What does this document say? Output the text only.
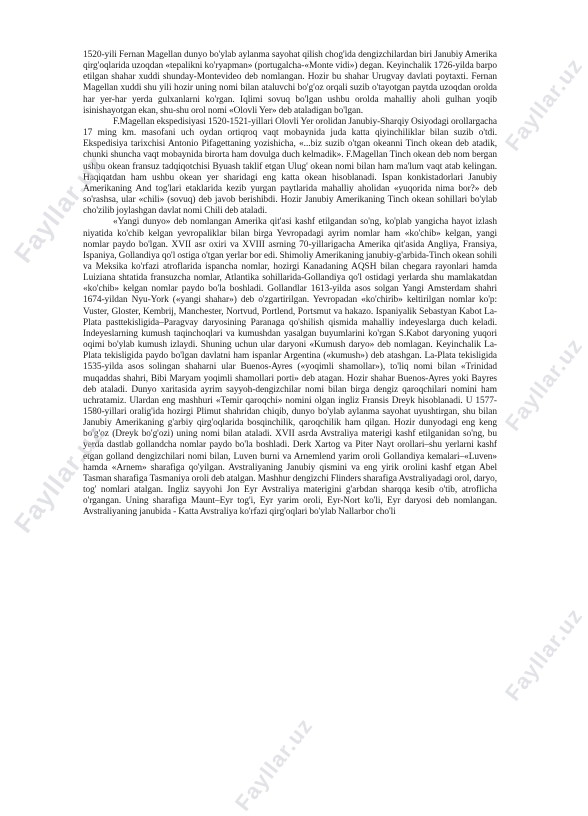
1520-yili Fernan Magellan dunyo bo'ylab aylanma sayohat qilish chog'ida dengizchilardan biri Janubiy Amerika qirg'oqlarida uzoqdan «tepalikni ko'ryapman» (portugalcha-«Monte vidi») degan. Keyinchalik 1726-yilda barpo etilgan shahar xuddi shunday-Montevideo deb nomlangan. Hozir bu shahar Urugvay davlati poytaxti. Fernan Magellan xuddi shu yili hozir uning nomi bilan ataluvchi bo'g'oz orqali suzib o'tayotgan paytda uzoqdan orolda har yer-har yerda gulxanlarni ko'rgan. Iqlimi sovuq bo'lgan ushbu orolda mahalliy aholi gulhan yoqib isinishayotgan ekan, shu-shu orol nomi «Olovli Yer» deb ataladigan bo'lgan.

F.Magellan ekspedisiyasi 1520-1521-yillari Olovli Yer orolidan Janubiy-Sharqiy Osiyodagi orollargacha 17 ming km. masofani uch oydan ortiqroq vaqt mobaynida juda katta qiyinchiliklar bilan suzib o'tdi. Ekspedisiya tarixchisi Antonio Pifagettaning yozishicha, «...biz suzib o'tgan okeanni Tinch okean deb atadik, chunki shuncha vaqt mobaynida birorta ham dovulga duch kelmadik». F.Magellan Tinch okean deb nom bergan ushbu okean fransuz tadqiqotchisi Byuash taklif etgan Ulug' okean nomi bilan ham ma'lum vaqt atab kelingan. Haqiqatdan ham ushbu okean yer sharidagi eng katta okean hisoblanadi. Ispan konkistadorlari Janubiy Amerikaning And tog'lari etaklarida kezib yurgan paytlarida mahalliy aholidan «yuqorida nima bor?» deb so'rashsa, ular «chili» (sovuq) deb javob berishibdi. Hozir Janubiy Amerikaning Tinch okean sohillari bo'ylab cho'zilib joylashgan davlat nomi Chili deb ataladi.

«Yangi dunyo» deb nomlangan Amerika qit'asi kashf etilgandan so'ng, ko'plab yangicha hayot izlash niyatida ko'chib kelgan yevropaliklar bilan birga Yevropadagi ayrim nomlar ham «ko'chib» kelgan, yangi nomlar paydo bo'lgan. XVII asr oxiri va XVIII asrning 70-yillarigacha Amerika qit'asida Angliya, Fransiya, Ispaniya, Gollandiya qo'l ostiga o'tgan yerlar bor edi. Shimoliy Amerikaning janubiy-g'arbida-Tinch okean sohili va Meksika ko'rfazi atroflarida ispancha nomlar, hozirgi Kanadaning AQSH bilan chegara rayonlari hamda Luiziana shtatida fransuzcha nomlar, Atlantika sohillarida-Gollandiya qo'l ostidagi yerlarda shu mamlakatdan «ko'chib» kelgan nomlar paydo bo'la boshladi. Gollandlar 1613-yilda asos solgan Yangi Amsterdam shahri 1674-yildan Nyu-York («yangi shahar») deb o'zgartirilgan. Yevropadan «ko'chirib» keltirilgan nomlar ko'p: Vuster, Gloster, Kembrij, Manchester, Nortvud, Portlend, Portsmut va hakazo. Ispaniyalik Sebastyan Kabot La-Plata pasttekisligida–Paragvay daryosining Paranaga qo'shilish qismida mahalliy indeyeslarga duch keladi. Indeyeslarning kumush taqinchoqlari va kumushdan yasalgan buyumlarini ko'rgan S.Kabot daryoning yuqori oqimi bo'ylab kumush izlaydi. Shuning uchun ular daryoni «Kumush daryo» deb nomlagan. Keyinchalik La-Plata tekisligida paydo bo'lgan davlatni ham ispanlar Argentina («kumush») deb atashgan. La-Plata tekisligida 1535-yilda asos solingan shaharni ular Buenos-Ayres («yoqimli shamollar»), to'liq nomi bilan «Trinidad muqaddas shahri, Bibi Maryam yoqimli shamollari porti» deb atagan. Hozir shahar Buenos-Ayres yoki Bayres deb ataladi. Dunyo xaritasida ayrim sayyoh-dengizchilar nomi bilan birga dengiz qaroqchilari nomini ham uchratamiz. Ulardan eng mashhuri «Temir qaroqchi» nomini olgan ingliz Fransis Dreyk hisoblanadi. U 1577-1580-yillari oralig'ida hozirgi Plimut shahridan chiqib, dunyo bo'ylab aylanma sayohat uyushtirgan, shu bilan Janubiy Amerikaning g'arbiy qirg'oqlarida bosqinchilik, qaroqchilik ham qilgan. Hozir dunyodagi eng keng bo'g'oz (Dreyk bo'g'ozi) uning nomi bilan ataladi. XVII asrda Avstraliya materigi kashf etilganidan so'ng, bu yerda dastlab gollandcha nomlar paydo bo'la boshladi. Derk Xartog va Piter Nayt orollari–shu yerlarni kashf etgan golland dengizchilari nomi bilan, Luven burni va Arnemlend yarim oroli Gollandiya kemalari–«Luven» hamda «Arnem» sharafiga qo'yilgan. Avstraliyaning Janubiy qismini va eng yirik orolini kashf etgan Abel Tasman sharafiga Tasmaniya oroli deb atalgan. Mashhur dengizchi Flinders sharafiga Avstraliyadagi orol, daryo, tog' nomlari atalgan. Ingliz sayyohi Jon Eyr Avstraliya materigini g'arbdan sharqqa kesib o'tib, atroflicha o'rgangan. Uning sharafiga Maunt–Eyr tog'i, Eyr yarim oroli, Eyr-Nort ko'li, Eyr daryosi deb nomlangan. Avstraliyaning janubida - Katta Avstraliya ko'rfazi qirg'oqlari bo'ylab Nallarbor cho'li

Fayllar.uz
Fayllar.uz
Fayllar.uz
Fayllar.uz
Fayllar.uz
Fayllar.uz
